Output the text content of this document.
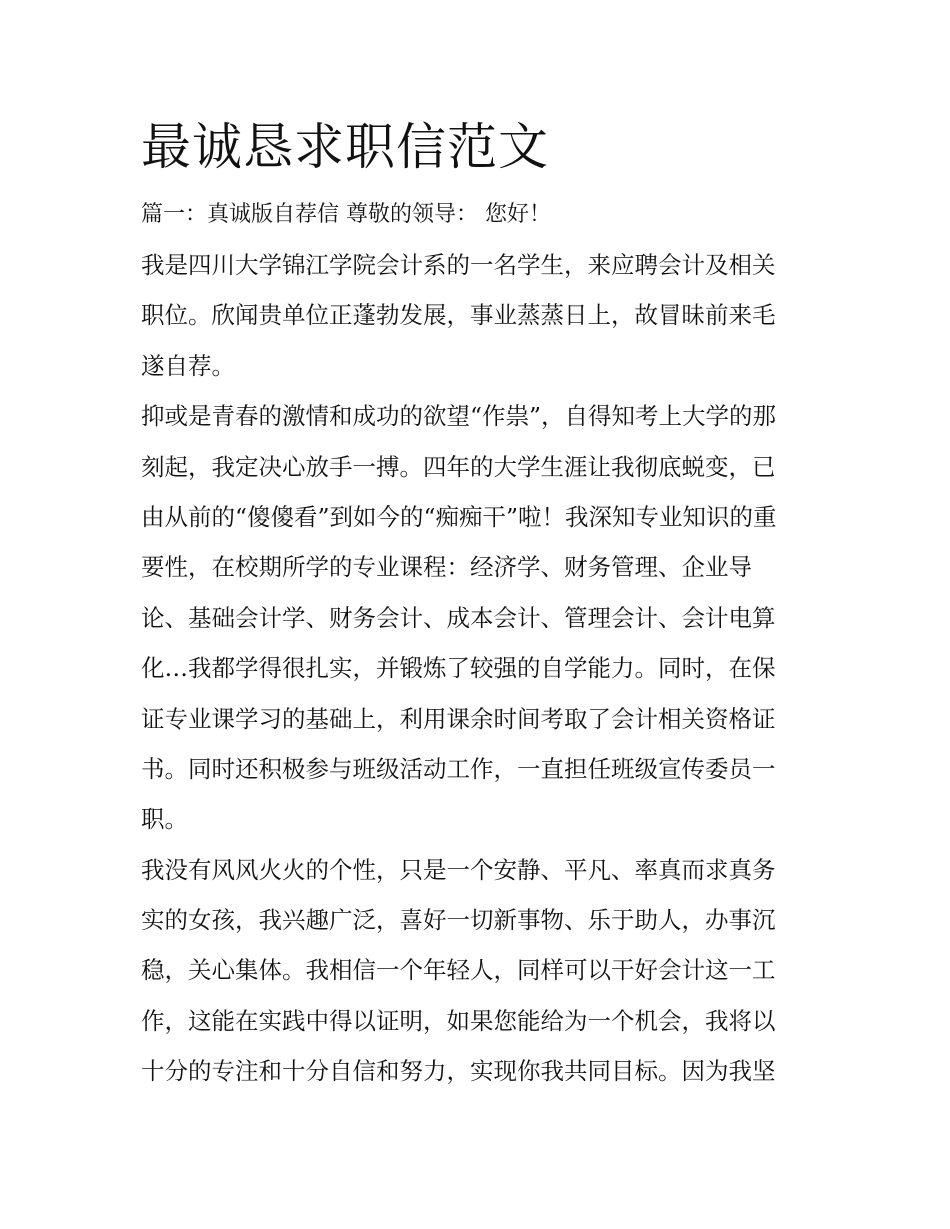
最诚恳求职信范文
篇一：真诚版自荐信 尊敬的领导： 您好！
我是四川大学锦江学院会计系的一名学生，来应聘会计及相关
职位。欣闻贵单位正蓬勃发展，事业蒸蒸日上，故冒昧前来毛
遂自荐。
抑或是青春的激情和成功的欲望“作祟”，自得知考上大学的那
刻起，我定决心放手一搏。四年的大学生涯让我彻底蜕变，已
由从前的“傻傻看”到如今的“痴痴干”啦！我深知专业知识的重
要性，在校期所学的专业课程：经济学、财务管理、企业导
论、基础会计学、财务会计、成本会计、管理会计、会计电算
化…我都学得很扎实，并锻炼了较强的自学能力。同时，在保
证专业课学习的基础上，利用课余时间考取了会计相关资格证
书。同时还积极参与班级活动工作，一直担任班级宣传委员一
职。
我没有风风火火的个性，只是一个安静、平凡、率真而求真务
实的女孩，我兴趣广泛，喜好一切新事物、乐于助人，办事沉
稳，关心集体。我相信一个年轻人，同样可以干好会计这一工
作，这能在实践中得以证明，如果您能给为一个机会，我将以
十分的专注和十分自信和努力，实现你我共同目标。因为我坚
